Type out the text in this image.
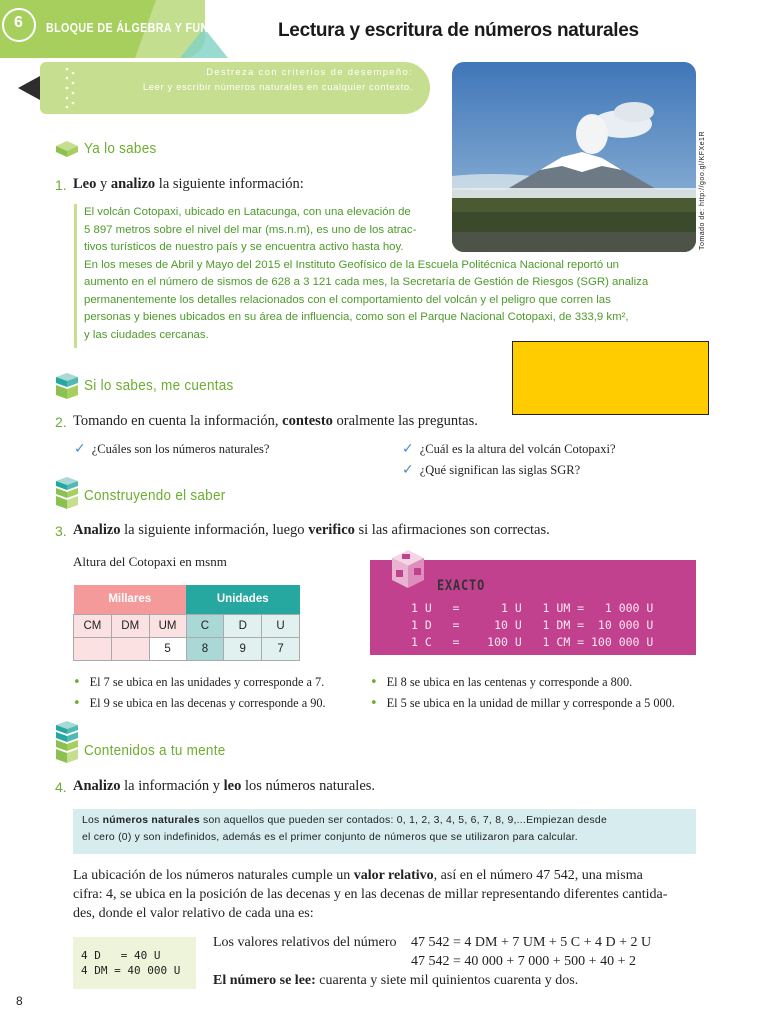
6 BLOQUE DE ÁLGEBRA Y FUNCIONES Lectura y escritura de números naturales
Destreza con criterios de desempeño:
Leer y escribir números naturales en cualquier contexto.
Tomado de: http://goo.gl/KFXe1R
Ya lo sabes
1. Leo y analizo la siguiente información:
El volcán Cotopaxi, ubicado en Latacunga, con una elevación de
5 897 metros sobre el nivel del mar (ms.n.m), es uno de los atrac-
tivos turísticos de nuestro país y se encuentra activo hasta hoy.
En los meses de Abril y Mayo del 2015 el Instituto Geofísico de la Escuela Politécnica Nacional reportó un
aumento en el número de sismos de 628 a 3 121 cada mes, la Secretaría de Gestión de Riesgos (SGR) analiza
permanentemente los detalles relacionados con el comportamiento del volcán y el peligro que corren las
personas y bienes ubicados en su área de influencia, como son el Parque Nacional Cotopaxi, de 333,9 km²,
y las ciudades cercanas.
Si lo sabes, me cuentas
2. Tomando en cuenta la información, contesto oralmente las preguntas.
✓ ¿Cuáles son los números naturales?	✓ ¿Cuál es la altura del volcán Cotopaxi?
✓ ¿Qué significan las siglas SGR?
Construyendo el saber
3. Analizo la siguiente información, luego verifico si las afirmaciones son correctas.
Altura del Cotopaxi en msnm
Millares			Unidades		
CM	DM	UM	C	D	U
		5	8	9	7
EXACTO
1 U   =      1 U   1 UM =   1 000 U
1 D   =     10 U   1 DM =  10 000 U
1 C   =    100 U   1 CM = 100 000 U
• El 7 se ubica en las unidades y corresponde a 7.	• El 8 se ubica en las centenas y corresponde a 800.
• El 9 se ubica en las decenas y corresponde a 90.	• El 5 se ubica en la unidad de millar y corresponde a 5 000.
Contenidos a tu mente
4. Analizo la información y leo los números naturales.
Los números naturales son aquellos que pueden ser contados: 0, 1, 2, 3, 4, 5, 6, 7, 8, 9,...Empiezan desde
el cero (0) y son indefinidos, además es el primer conjunto de números que se utilizaron para calcular.
La ubicación de los números naturales cumple un valor relativo, así en el número 47 542, una misma
cifra: 4, se ubica en la posición de las decenas y en las decenas de millar representando diferentes cantida-
des, donde el valor relativo de cada una es:
4 D   = 40 U
4 DM = 40 000 U
Los valores relativos del número 47 542 = 4 DM + 7 UM + 5 C + 4 D + 2 U
47 542 = 40 000 + 7 000 + 500 + 40 + 2
El número se lee: cuarenta y siete mil quinientos cuarenta y dos.
8
